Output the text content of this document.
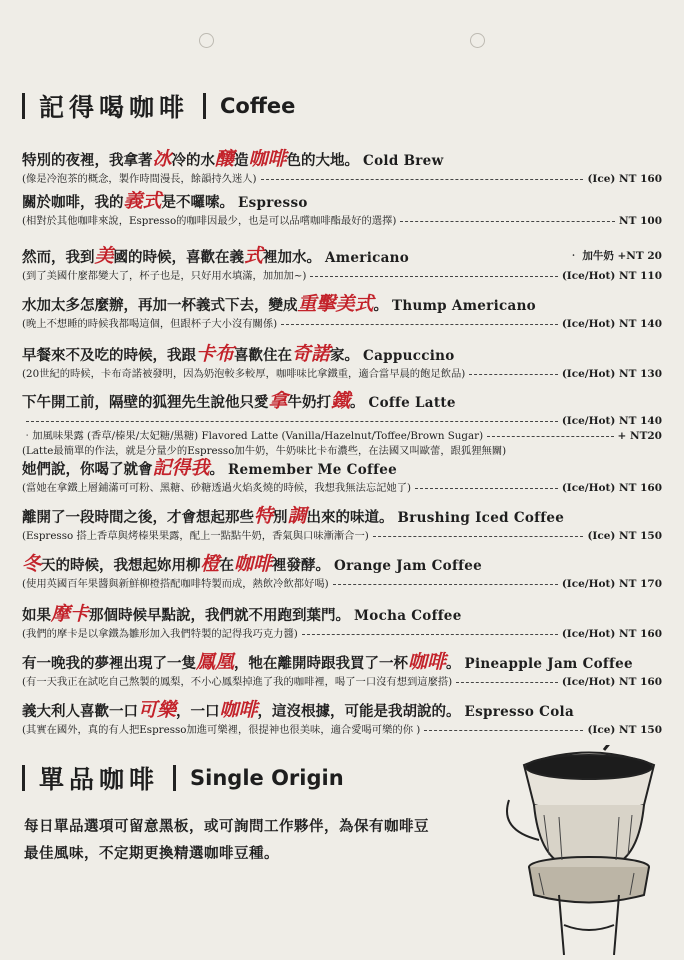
記得喝咖啡 Coffee
特別的夜裡，我拿著冰冷的水釀造咖啡色的大地。 Cold Brew
(像是冷泡茶的概念，製作時間漫長，餘韻持久迷人)	(Ice) NT 160
關於咖啡，我的義式是不囉嗦。 Espresso
(相對於其他咖啡來說，Espresso的咖啡因最少，也是可以品嚐咖啡酯最好的選擇)	NT 100
然而，我到美國的時候，喜歡在義式裡加水。 Americano	‧ 加牛奶 +NT 20
(到了美國什麼都變大了，杯子也是，只好用水填滿，加加加~)	(Ice/Hot) NT 110
水加太多怎麼辦，再加一杯義式下去，變成重擊美式。 Thump Americano
(晚上不想睡的時候我都喝這個，但跟杯子大小沒有關係)	(Ice/Hot) NT 140
早餐來不及吃的時候，我跟卡布喜歡住在奇諾家。 Cappuccino
(20世紀的時候，卡布奇諾被發明，因為奶泡較多較厚，咖啡味比拿鐵重，適合當早晨的飽足飲品)	(Ice/Hot) NT 130
下午開工前，隔壁的狐狸先生說他只愛拿牛奶打鐵。 Coffe Latte
(Ice/Hot) NT 140
‧加風味果露 (香草/榛果/太妃糖/黑糖) Flavored Latte (Vanilla/Hazelnut/Toffee/Brown Sugar)	+ NT20
(Latte最簡單的作法，就是分量少的Espresso加牛奶，牛奶味比卡布濃些，在法國又叫歐蕾，跟狐狸無關)
她們說，你喝了就會記得我。 Remember Me Coffee
(當她在拿鐵上層鋪滿可可粉、黑糖、砂糖透過火焰炙燒的時候，我想我無法忘記她了)	(Ice/Hot) NT 160
離開了一段時間之後，才會想起那些特別調出來的味道。 Brushing Iced Coffee
(Espresso 搭上香草與烤榛果果露，配上一點點牛奶，香氣與口味漸漸合一)	(Ice) NT 150
冬天的時候，我想起妳用柳橙在咖啡裡發酵。 Orange Jam Coffee
(使用英國百年果醬與新鮮柳橙搭配咖啡特製而成，熱飲冷飲都好喝)	(Ice/Hot) NT 170
如果摩卡那個時候早點說，我們就不用跑到葉門。 Mocha Coffee
(我們的摩卡是以拿鐵為雛形加入我們特製的記得我巧克力醬)	(Ice/Hot) NT 160
有一晚我的夢裡出現了一隻鳳凰，牠在離開時跟我買了一杯咖啡。 Pineapple Jam Coffee
(有一天我正在試吃自己熬製的鳳梨，不小心鳳梨掉進了我的咖啡裡，喝了一口沒有想到這麼搭)	(Ice/Hot) NT 160
義大利人喜歡一口可樂，一口咖啡，這沒根據，可能是我胡說的。 Espresso Cola
(其實在國外，真的有人把Espresso加進可樂裡，很提神也很美味，適合愛喝可樂的你 )	(Ice) NT 150
單品咖啡 Single Origin
每日單品選項可留意黑板，或可詢問工作夥伴，為保有咖啡豆
最佳風味，不定期更換精選咖啡豆種。
